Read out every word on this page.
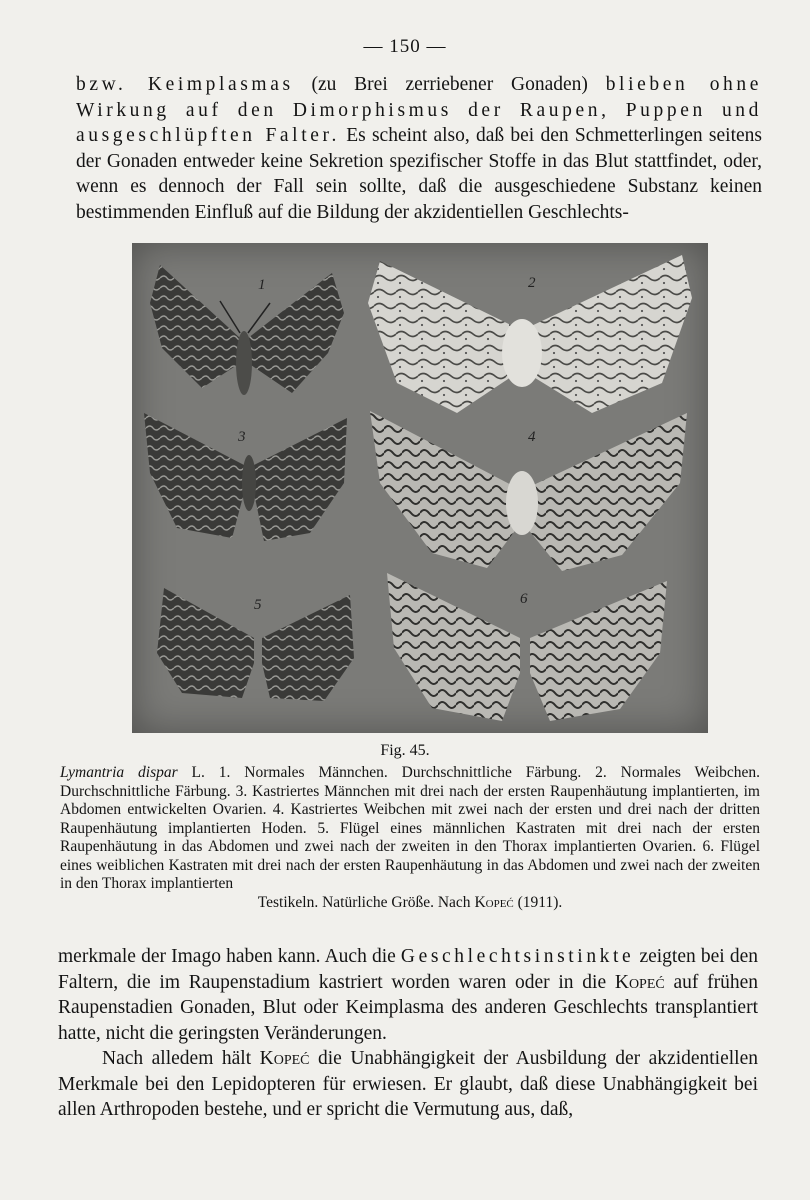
— 150 —

bzw. Keimplasmas (zu Brei zerriebener Gonaden) blieben ohne Wirkung auf den Dimorphismus der Raupen, Puppen und ausgeschlüpften Falter. Es scheint also, daß bei den Schmetterlingen seitens der Gonaden entweder keine Sekretion spezifischer Stoffe in das Blut stattfindet, oder, wenn es dennoch der Fall sein sollte, daß die ausgeschiedene Substanz keinen bestimmenden Einfluß auf die Bildung der akzidentiellen Geschlechts-

1	2
3	4
5	6
Fig. 45.

Lymantria dispar L. 1. Normales Männchen. Durchschnittliche Färbung. 2. Normales Weibchen. Durchschnittliche Färbung. 3. Kastriertes Männchen mit drei nach der ersten Raupenhäutung implantierten, im Abdomen entwickelten Ovarien. 4. Kastriertes Weibchen mit zwei nach der ersten und drei nach der dritten Raupenhäutung implantierten Hoden. 5. Flügel eines männlichen Kastraten mit drei nach der ersten Raupenhäutung in das Abdomen und zwei nach der zweiten in den Thorax implantierten Ovarien. 6. Flügel eines weiblichen Kastraten mit drei nach der ersten Raupenhäutung in das Abdomen und zwei nach der zweiten in den Thorax implantierten
Testikeln. Natürliche Größe. Nach Kopeć (1911).

merkmale der Imago haben kann. Auch die Geschlechtsinstinkte zeigten bei den Faltern, die im Raupenstadium kastriert worden waren oder in die Kopeć auf frühen Raupenstadien Gonaden, Blut oder Keimplasma des anderen Geschlechts transplantiert hatte, nicht die geringsten Veränderungen.

Nach alledem hält Kopeć die Unabhängigkeit der Ausbildung der akzidentiellen Merkmale bei den Lepidopteren für erwiesen. Er glaubt, daß diese Unabhängigkeit bei allen Arthropoden bestehe, und er spricht die Vermutung aus, daß,
